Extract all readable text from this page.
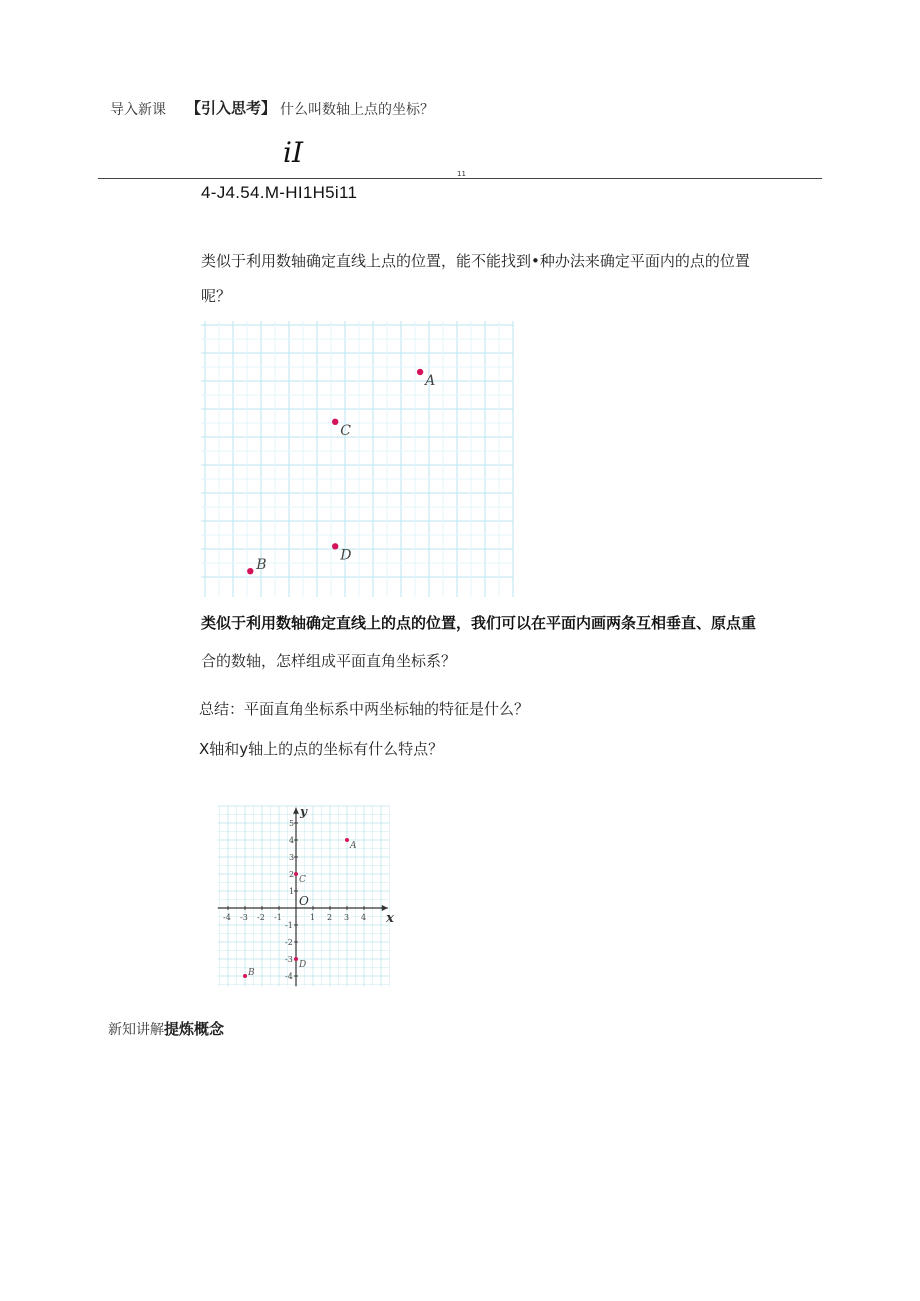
导入新课 【引入思考】 什么叫数轴上点的坐标？
iI
11
4-J4.54.M-HI1H5i11
类似于利用数轴确定直线上点的位置，能不能找到•种办法来确定平面内的点的位置
呢？
A
C
D
B
类似于利用数轴确定直线上的点的位置，我们可以在平面内画两条互相垂直、原点重
合的数轴，怎样组成平面直角坐标系？
总结：平面直角坐标系中两坐标轴的特征是什么？
X轴和y轴上的点的坐标有什么特点？
x
y
O
-4 -3 -2 -1	1 2 3 4
5
4
3
2
1
-1
-2
-3
-4
A
C
D
B
新知讲解提炼概念
